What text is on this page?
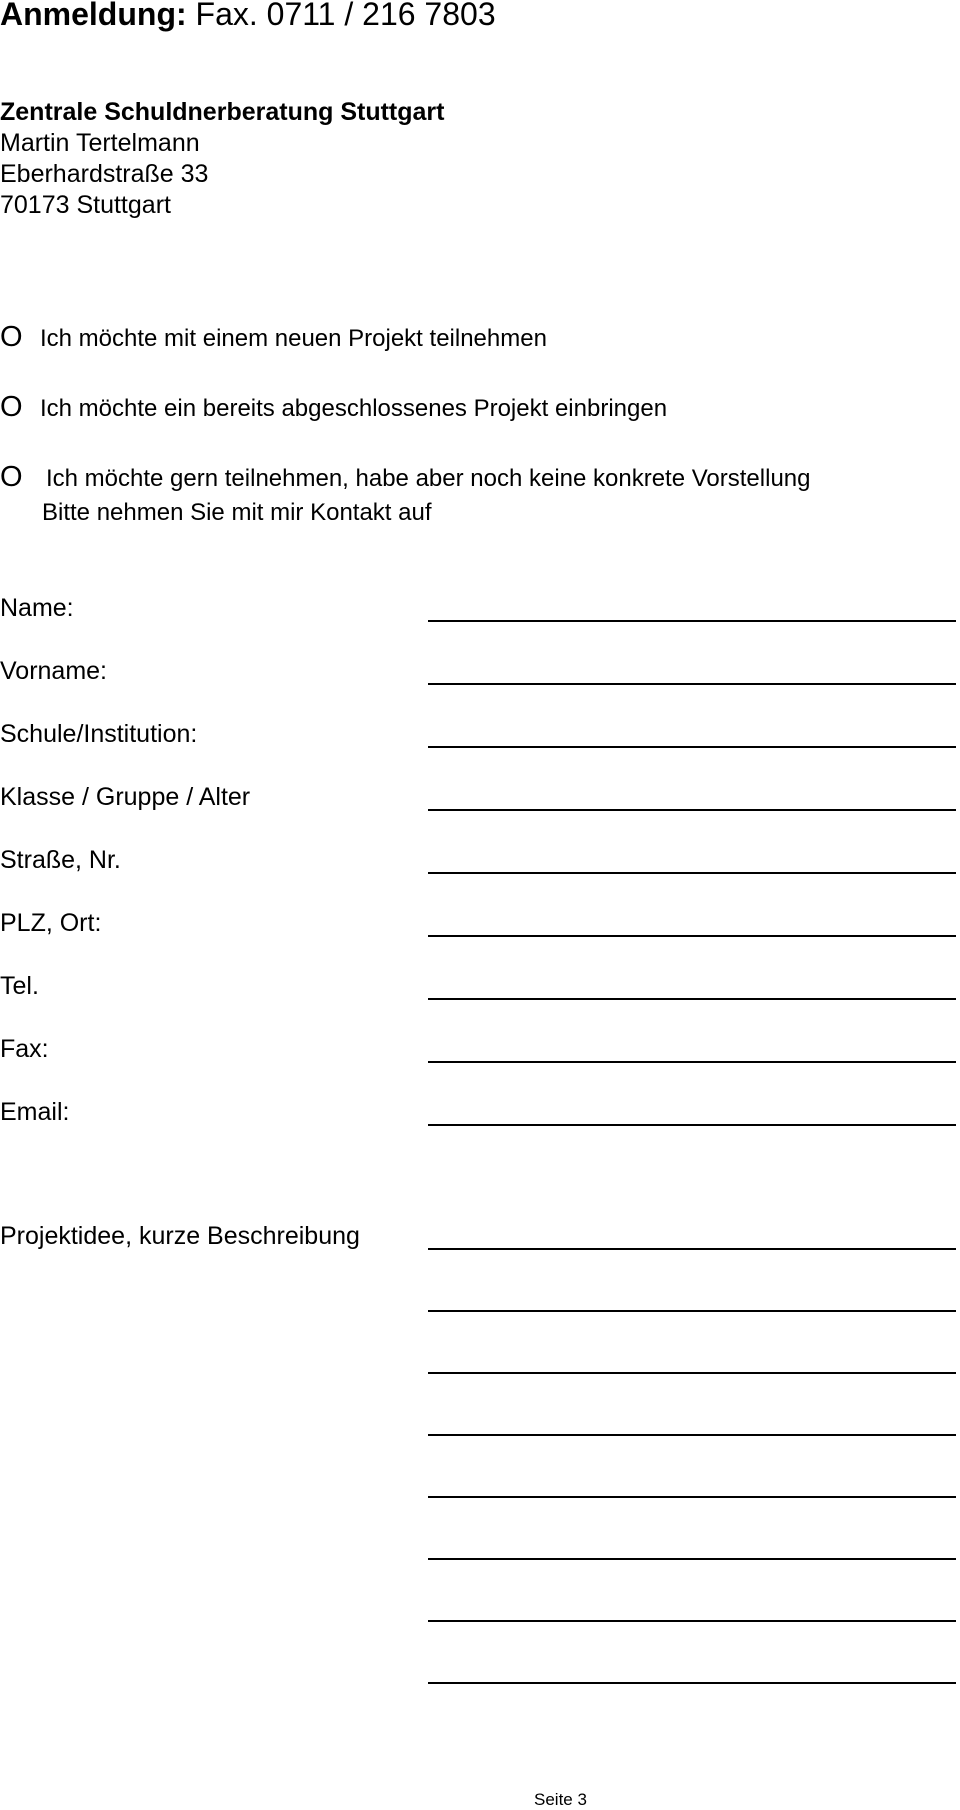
Anmeldung: Fax. 0711 / 216 7803
Zentrale Schuldnerberatung Stuttgart
Martin Tertelmann
Eberhardstraße 33
70173 Stuttgart
O Ich möchte mit einem neuen Projekt teilnehmen
O Ich möchte ein bereits abgeschlossenes Projekt einbringen
O Ich möchte gern teilnehmen, habe aber noch keine konkrete Vorstellung
Bitte nehmen Sie mit mir Kontakt auf
Name:
Vorname:
Schule/Institution:
Klasse / Gruppe / Alter
Straße, Nr.
PLZ, Ort:
Tel.
Fax:
Email:
Projektidee, kurze Beschreibung
Seite 3
